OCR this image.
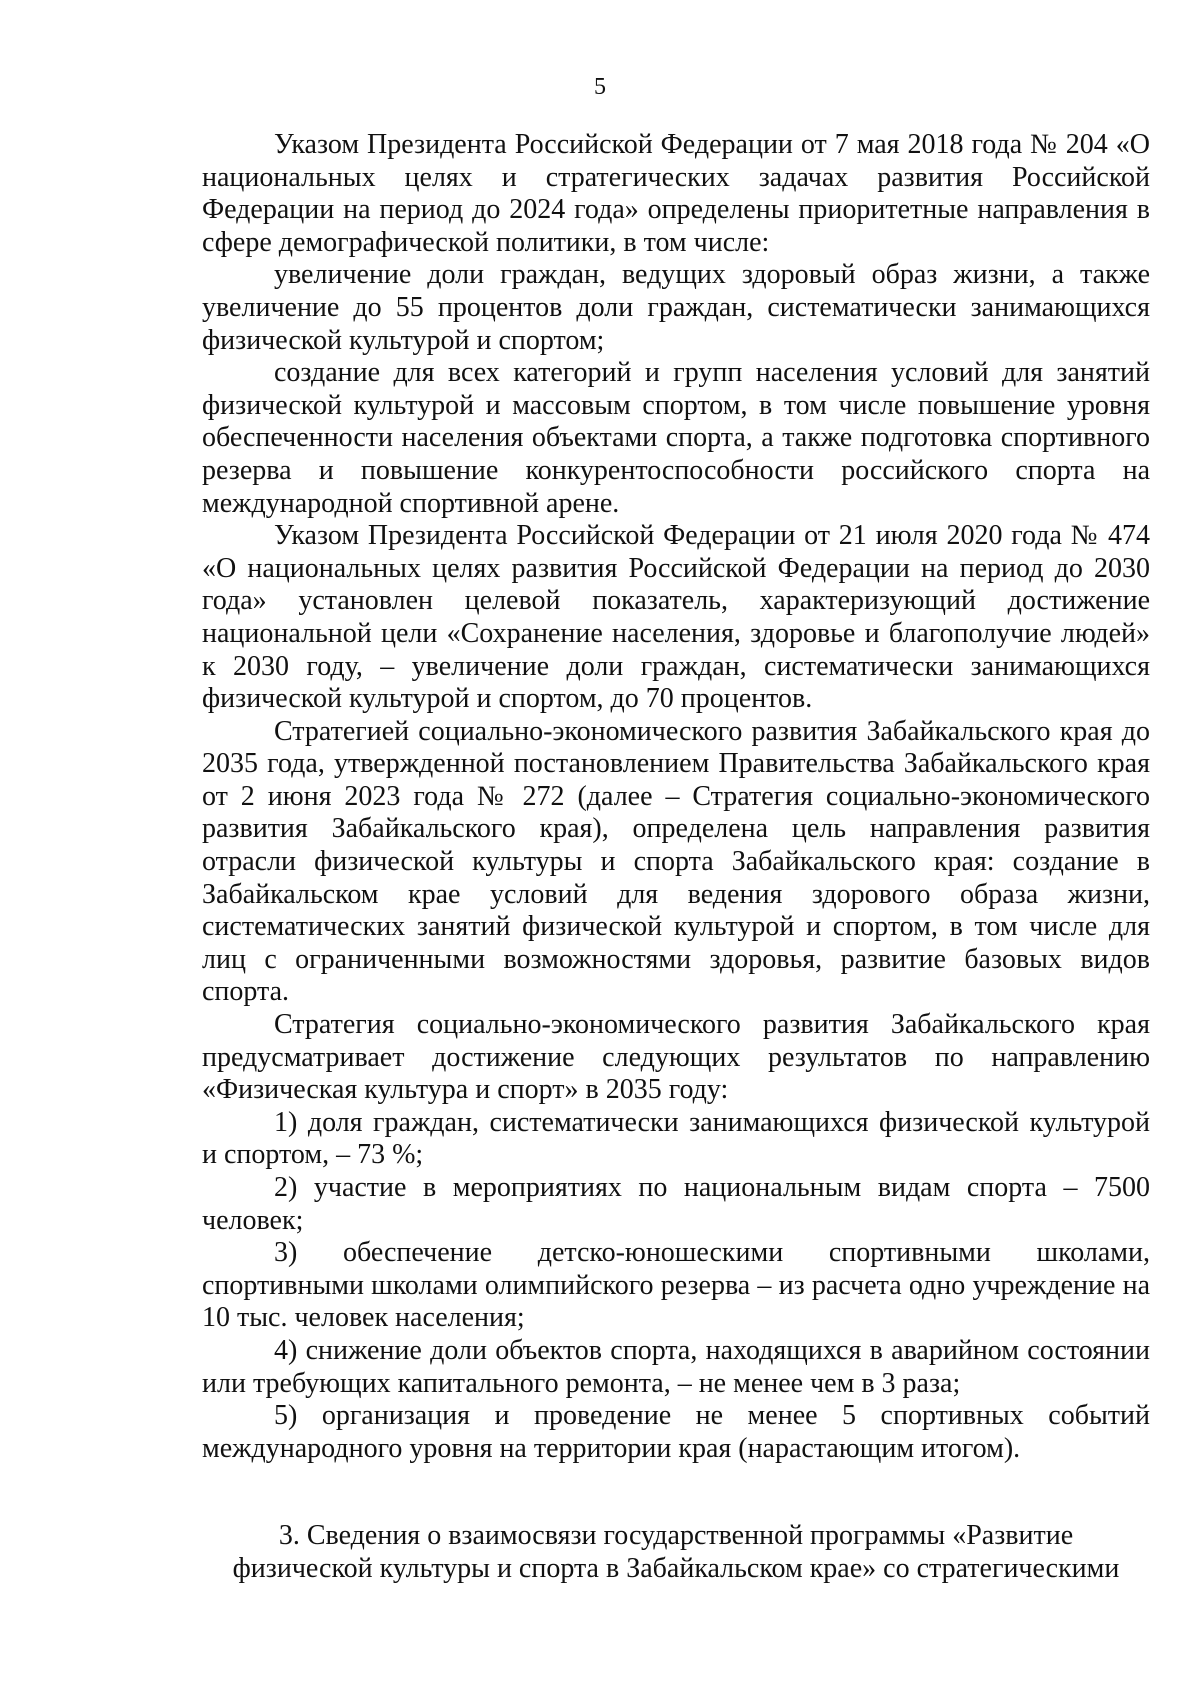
5

Указом Президента Российской Федерации от 7 мая 2018 года № 204 «О национальных целях и стратегических задачах развития Российской Федерации на период до 2024 года» определены приоритетные направления в сфере демографической политики, в том числе:

увеличение доли граждан, ведущих здоровый образ жизни, а также увеличение до 55 процентов доли граждан, систематически занимающихся физической культурой и спортом;

создание для всех категорий и групп населения условий для занятий физической культурой и массовым спортом, в том числе повышение уровня обеспеченности населения объектами спорта, а также подготовка спортивного резерва и повышение конкурентоспособности российского спорта на международной спортивной арене.

Указом Президента Российской Федерации от 21 июля 2020 года № 474 «О национальных целях развития Российской Федерации на период до 2030 года» установлен целевой показатель, характеризующий достижение национальной цели «Сохранение населения, здоровье и благополучие людей» к 2030 году, – увеличение доли граждан, систематически занимающихся физической культурой и спортом, до 70 процентов.

Стратегией социально-экономического развития Забайкальского края до 2035 года, утвержденной постановлением Правительства Забайкальского края от 2 июня 2023 года № 272 (далее – Стратегия социально-экономического развития Забайкальского края), определена цель направления развития отрасли физической культуры и спорта Забайкальского края: создание в Забайкальском крае условий для ведения здорового образа жизни, систематических занятий физической культурой и спортом, в том числе для лиц с ограниченными возможностями здоровья, развитие базовых видов спорта.

Стратегия социально-экономического развития Забайкальского края предусматривает достижение следующих результатов по направлению «Физическая культура и спорт» в 2035 году:

1) доля граждан, систематически занимающихся физической культурой и спортом, – 73 %;

2) участие в мероприятиях по национальным видам спорта – 7500 человек;

3) обеспечение детско-юношескими спортивными школами, спортивными школами олимпийского резерва – из расчета одно учреждение на 10 тыс. человек населения;

4) снижение доли объектов спорта, находящихся в аварийном состоянии или требующих капитального ремонта, – не менее чем в 3 раза;

5) организация и проведение не менее 5 спортивных событий международного уровня на территории края (нарастающим итогом).

3. Сведения о взаимосвязи государственной программы «Развитие физической культуры и спорта в Забайкальском крае» со стратегическими
